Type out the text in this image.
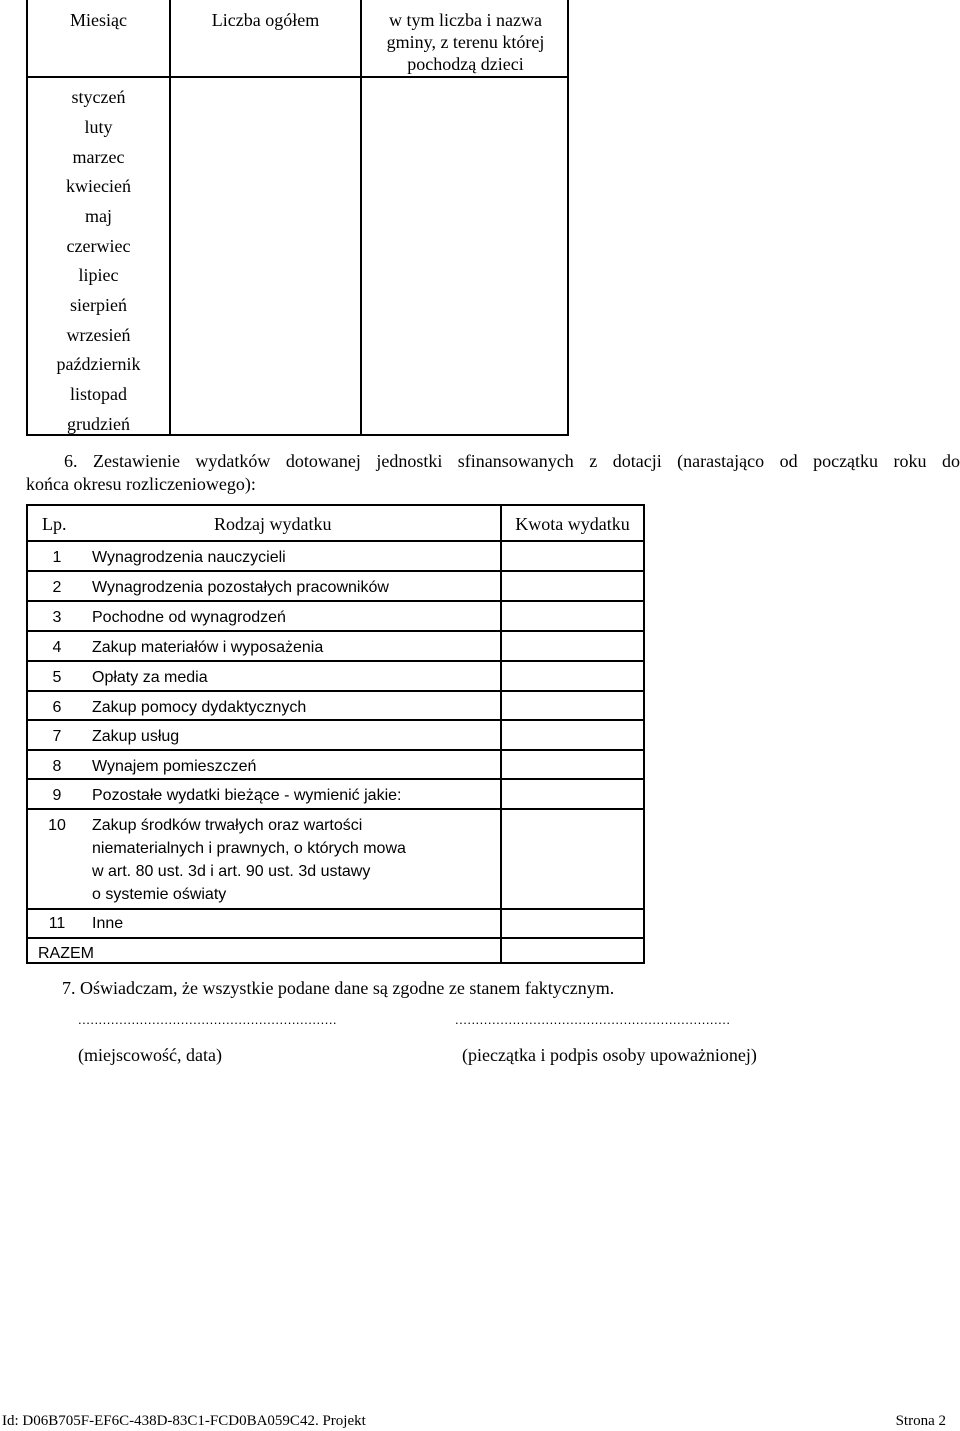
Miesiąc	Liczba ogółem	w tym liczba i nazwa
gminy, z terenu której
pochodzą dzieci
styczeń
luty
marzec
kwiecień
maj
czerwiec
lipiec
sierpień
wrzesień
październik
listopad
grudzień
6. Zestawienie wydatków dotowanej jednostki sfinansowanych z dotacji (narastająco od początku roku do
końca okresu rozliczeniowego):
Lp.	Rodzaj wydatku	Kwota wydatku
1	Wynagrodzenia nauczycieli
2	Wynagrodzenia pozostałych pracowników
3	Pochodne od wynagrodzeń
4	Zakup materiałów i wyposażenia
5	Opłaty za media
6	Zakup pomocy dydaktycznych
7	Zakup usług
8	Wynajem pomieszczeń
9	Pozostałe wydatki bieżące - wymienić jakie:
10	Zakup środków trwałych oraz wartości
niematerialnych i prawnych, o których mowa
w art. 80 ust. 3d i art. 90 ust. 3d ustawy
o systemie oświaty
11	Inne
RAZEM
7. Oświadczam, że wszystkie podane dane są zgodne ze stanem faktycznym.
...............................................................	...................................................................
(miejscowość, data)	(pieczątka i podpis osoby upoważnionej)
Id: D06B705F-EF6C-438D-83C1-FCD0BA059C42. Projekt	Strona 2
